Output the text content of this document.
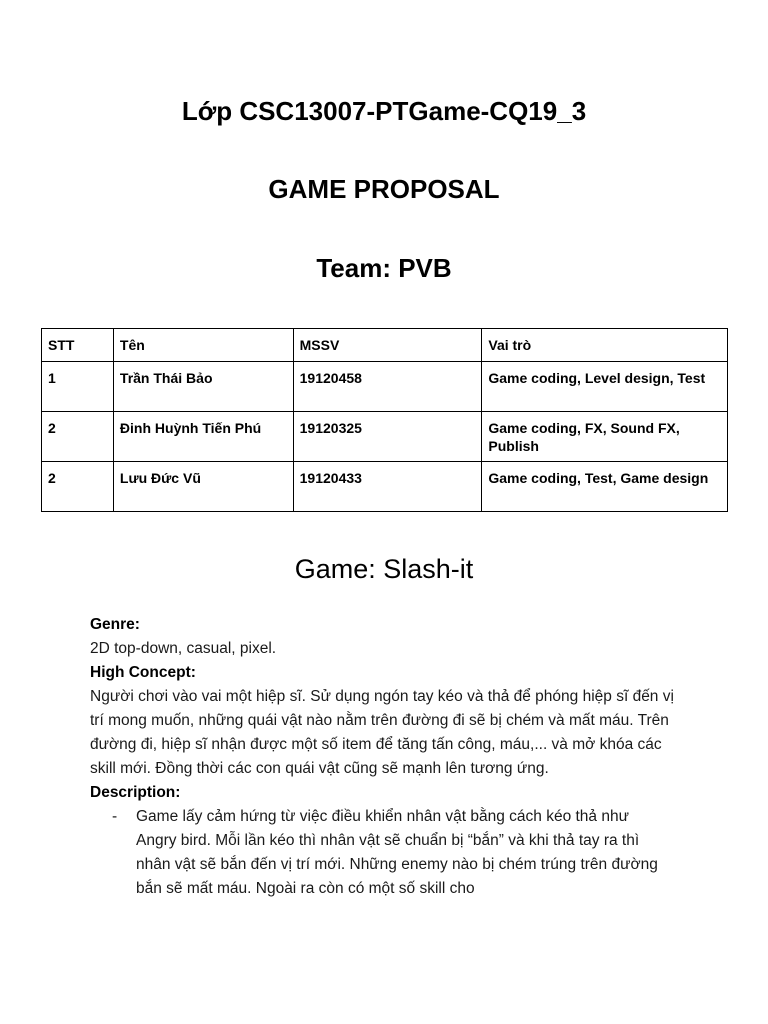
Lớp CSC13007-PTGame-CQ19_3
GAME PROPOSAL
Team: PVB
STT	Tên	MSSV	Vai trò
1	Trần Thái Bảo	19120458	Game coding, Level design, Test
2	Đinh Huỳnh Tiến Phú	19120325	Game coding, FX, Sound FX, Publish
2	Lưu Đức Vũ	19120433	Game coding, Test, Game design
Game: Slash-it

Genre:

2D top-down, casual, pixel.

High Concept:

Người chơi vào vai một hiệp sĩ. Sử dụng ngón tay kéo và thả để phóng hiệp sĩ đến vị trí mong muốn, những quái vật nào nằm trên đường đi sẽ bị chém và mất máu. Trên đường đi, hiệp sĩ nhận được một số item để tăng tấn công, máu,... và mở khóa các skill mới. Đồng thời các con quái vật cũng sẽ mạnh lên tương ứng.

Description:

-	Game lấy cảm hứng từ việc điều khiển nhân vật bằng cách kéo thả như Angry bird. Mỗi lần kéo thì nhân vật sẽ chuẩn bị “bắn” và khi thả tay ra thì nhân vật sẽ bắn đến vị trí mới. Những enemy nào bị chém trúng trên đường bắn sẽ mất máu. Ngoài ra còn có một số skill cho
